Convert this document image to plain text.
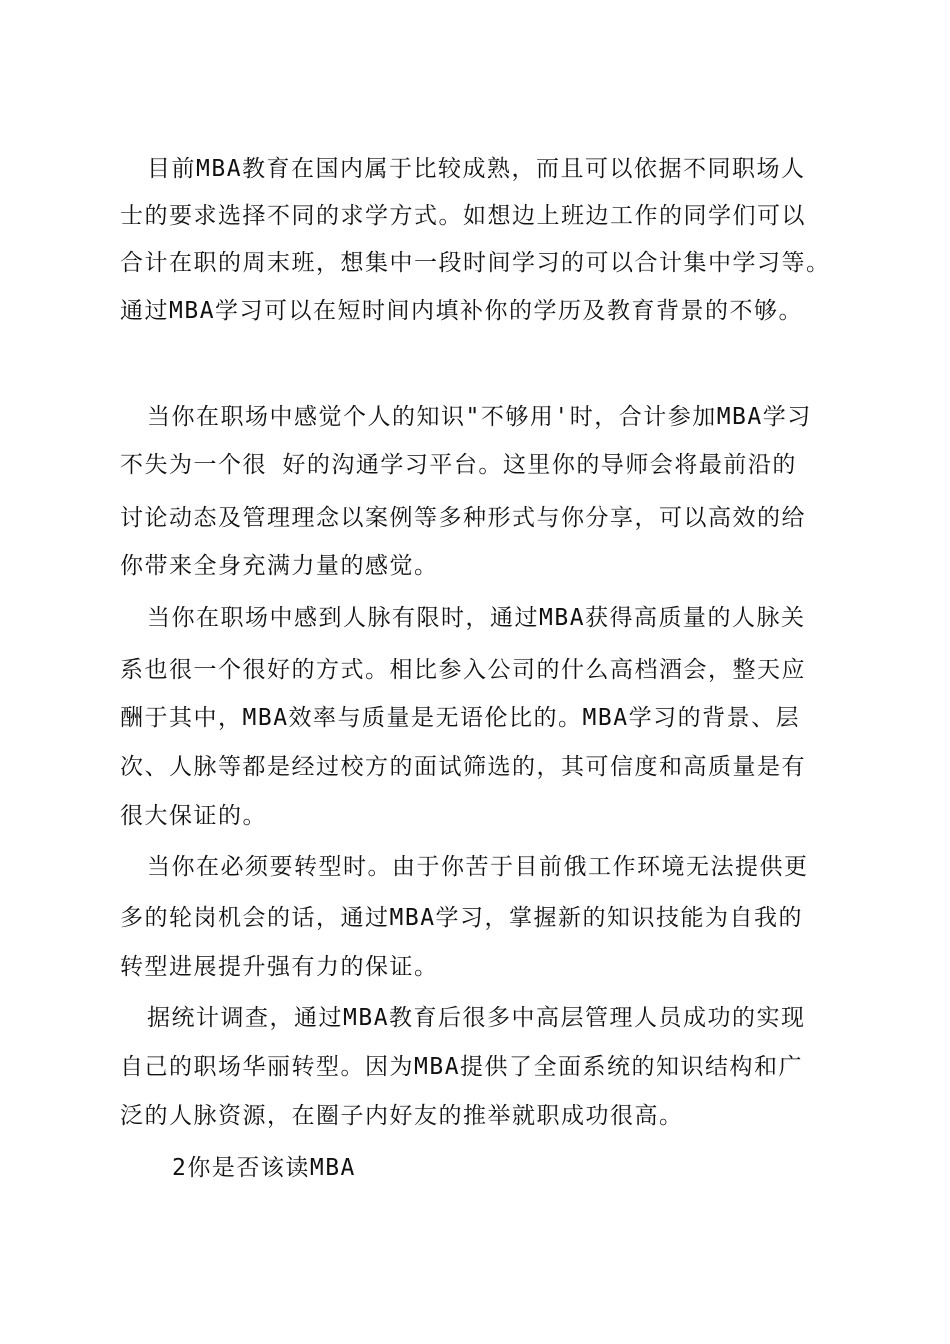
目前MBA教育在国内属于比较成熟，而且可以依据不同职场人
士的要求选择不同的求学方式。如想边上班边工作的同学们可以
合计在职的周末班，想集中一段时间学习的可以合计集中学习等。
通过MBA学习可以在短时间内填补你的学历及教育背景的不够。
当你在职场中感觉个人的知识"不够用'时，合计参加MBA学习
不失为一个很 好的沟通学习平台。这里你的导师会将最前沿的
讨论动态及管理理念以案例等多种形式与你分享，可以高效的给
你带来全身充满力量的感觉。
当你在职场中感到人脉有限时，通过MBA获得高质量的人脉关
系也很一个很好的方式。相比参入公司的什么高档酒会，整天应
酬于其中，MBA效率与质量是无语伦比的。MBA学习的背景、层
次、人脉等都是经过校方的面试筛选的，其可信度和高质量是有
很大保证的。
当你在必须要转型时。由于你苦于目前俄工作环境无法提供更
多的轮岗机会的话，通过MBA学习，掌握新的知识技能为自我的
转型进展提升强有力的保证。
据统计调查，通过MBA教育后很多中高层管理人员成功的实现
自己的职场华丽转型。因为MBA提供了全面系统的知识结构和广
泛的人脉资源，在圈子内好友的推举就职成功很高。
2你是否该读MBA
